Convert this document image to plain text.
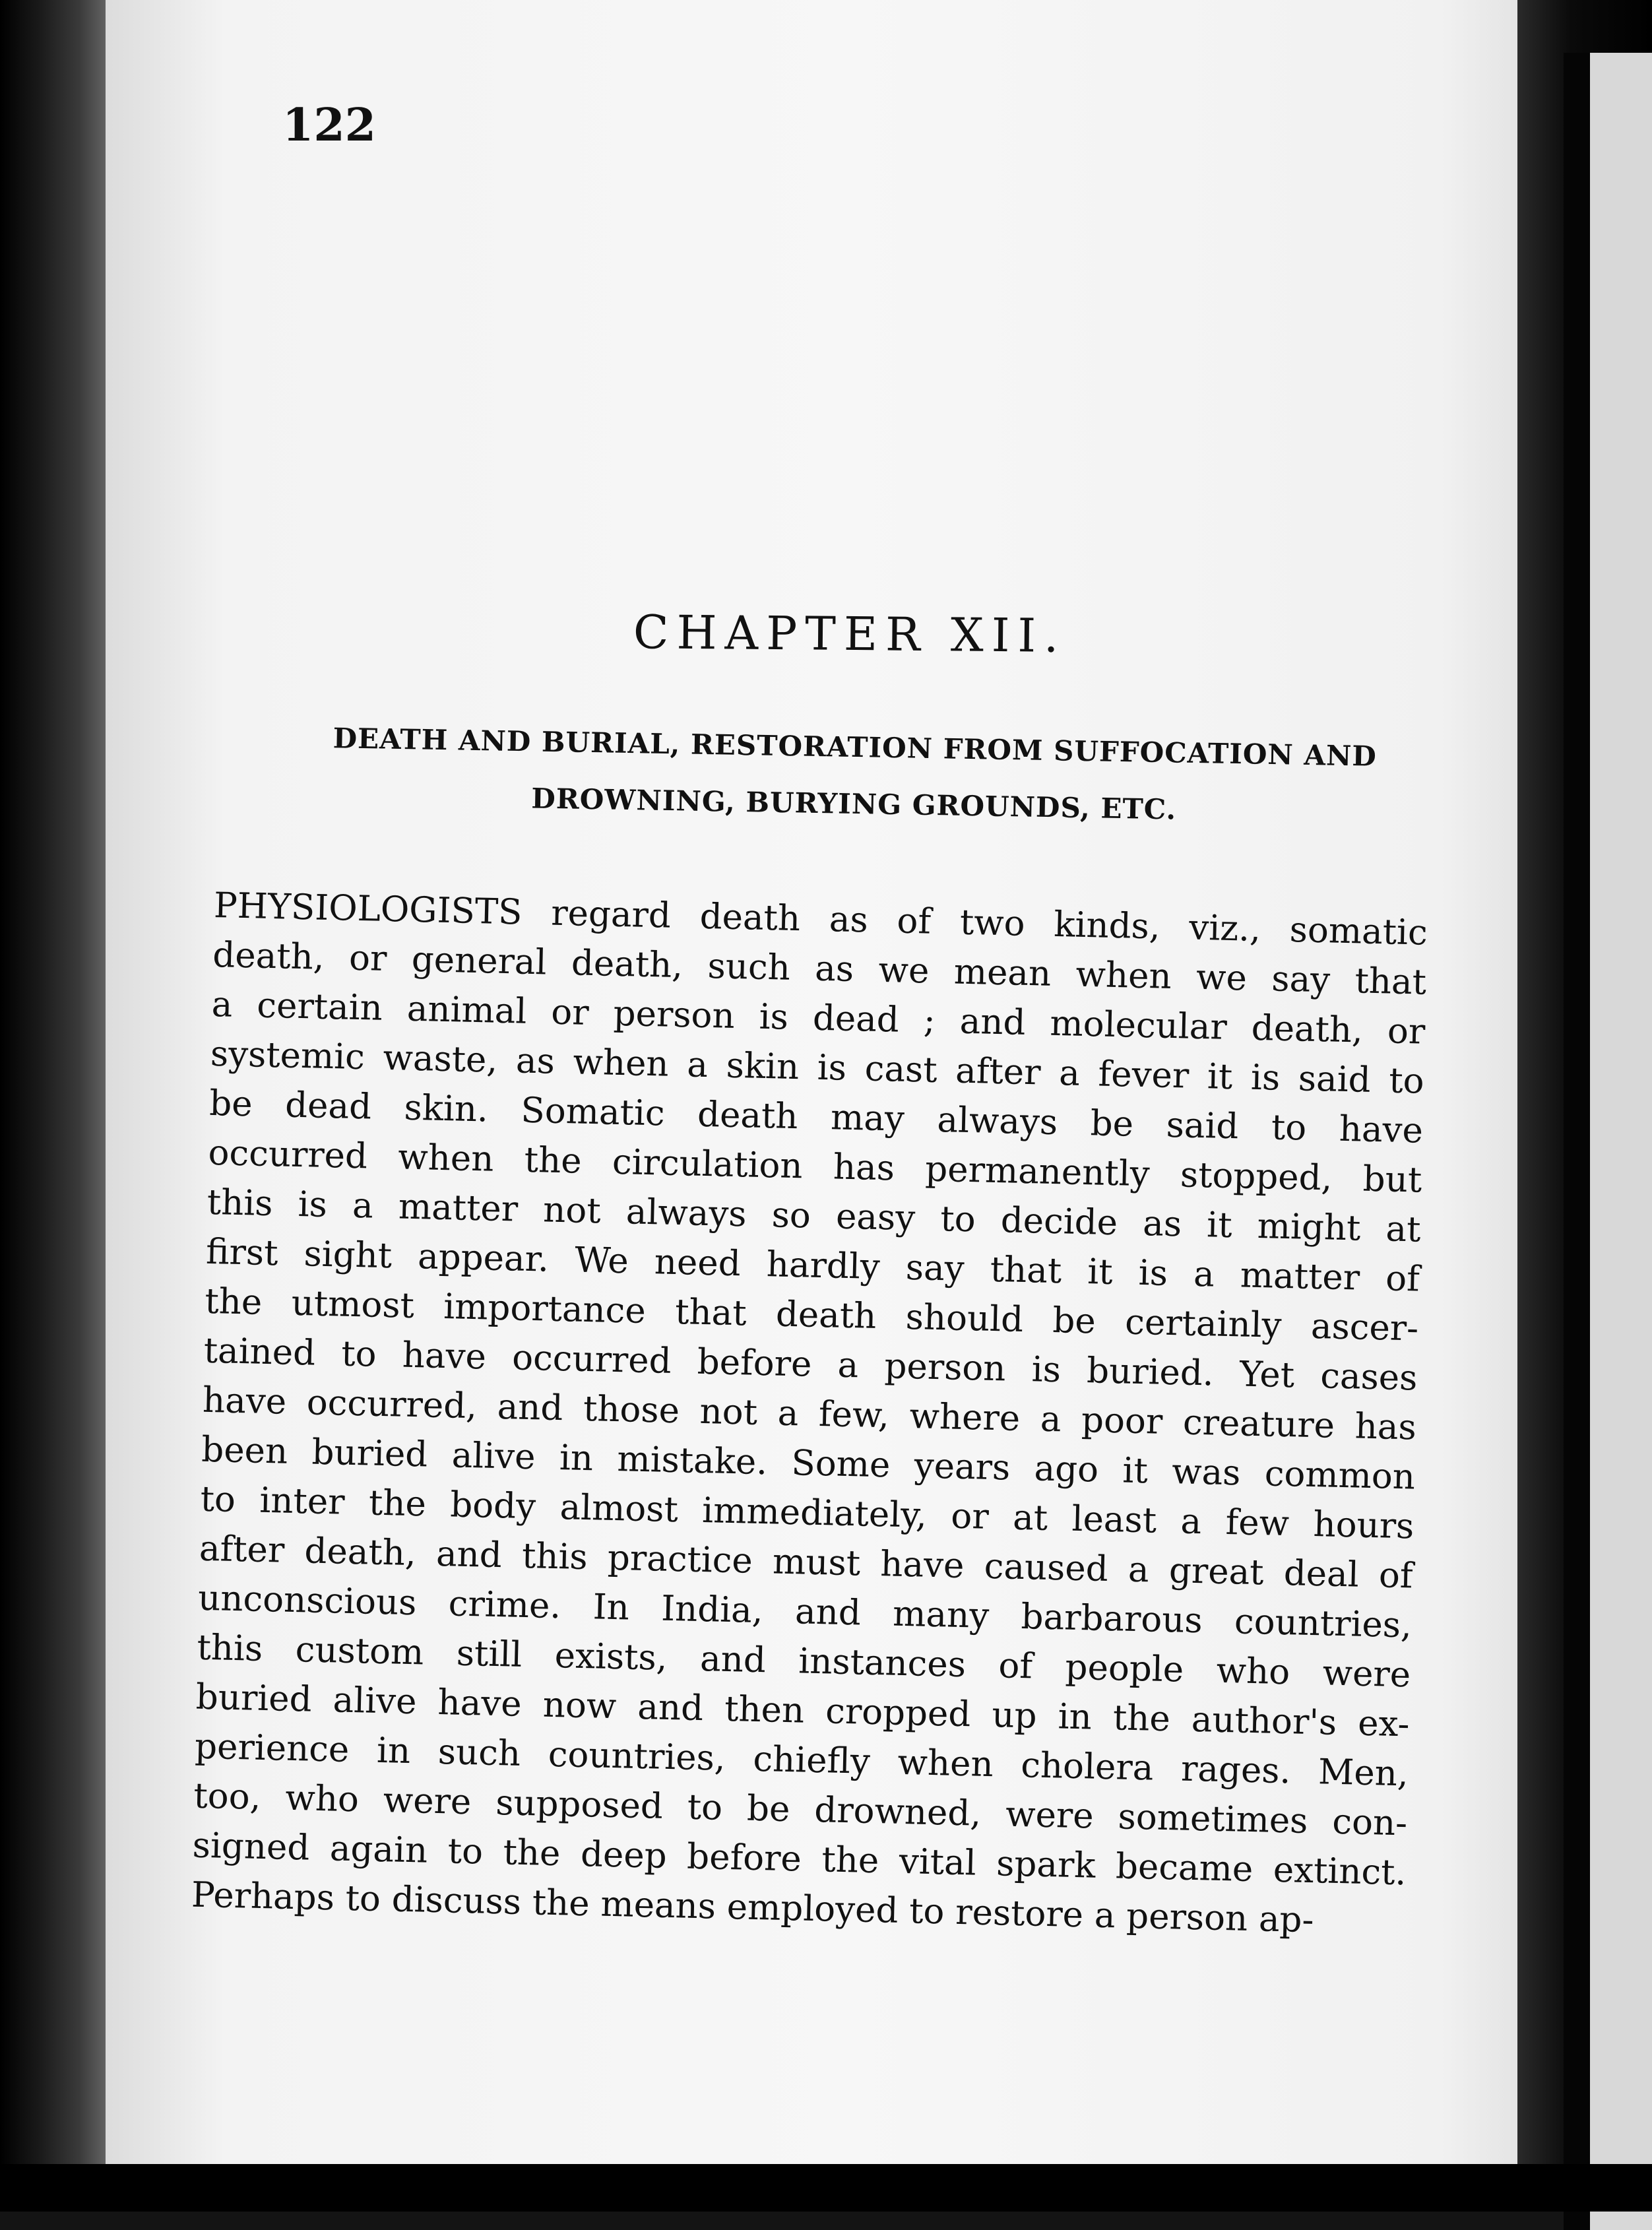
122
CHAPTER XII.
DEATH AND BURIAL, RESTORATION FROM SUFFOCATION AND
DROWNING, BURYING GROUNDS, ETC.
PHYSIOLOGISTS regard death as of two kinds, viz., somatic
death, or general death, such as we mean when we say that
a certain animal or person is dead ; and molecular death, or
systemic waste, as when a skin is cast after a fever it is said to
be dead skin. Somatic death may always be said to have
occurred when the circulation has permanently stopped, but
this is a matter not always so easy to decide as it might at
first sight appear. We need hardly say that it is a matter of
the utmost importance that death should be certainly ascer-
tained to have occurred before a person is buried. Yet cases
have occurred, and those not a few, where a poor creature has
been buried alive in mistake. Some years ago it was common
to inter the body almost immediately, or at least a few hours
after death, and this practice must have caused a great deal of
unconscious crime. In India, and many barbarous countries,
this custom still exists, and instances of people who were
buried alive have now and then cropped up in the author's ex-
perience in such countries, chiefly when cholera rages. Men,
too, who were supposed to be drowned, were sometimes con-
signed again to the deep before the vital spark became extinct.
Perhaps to discuss the means employed to restore a person ap-
